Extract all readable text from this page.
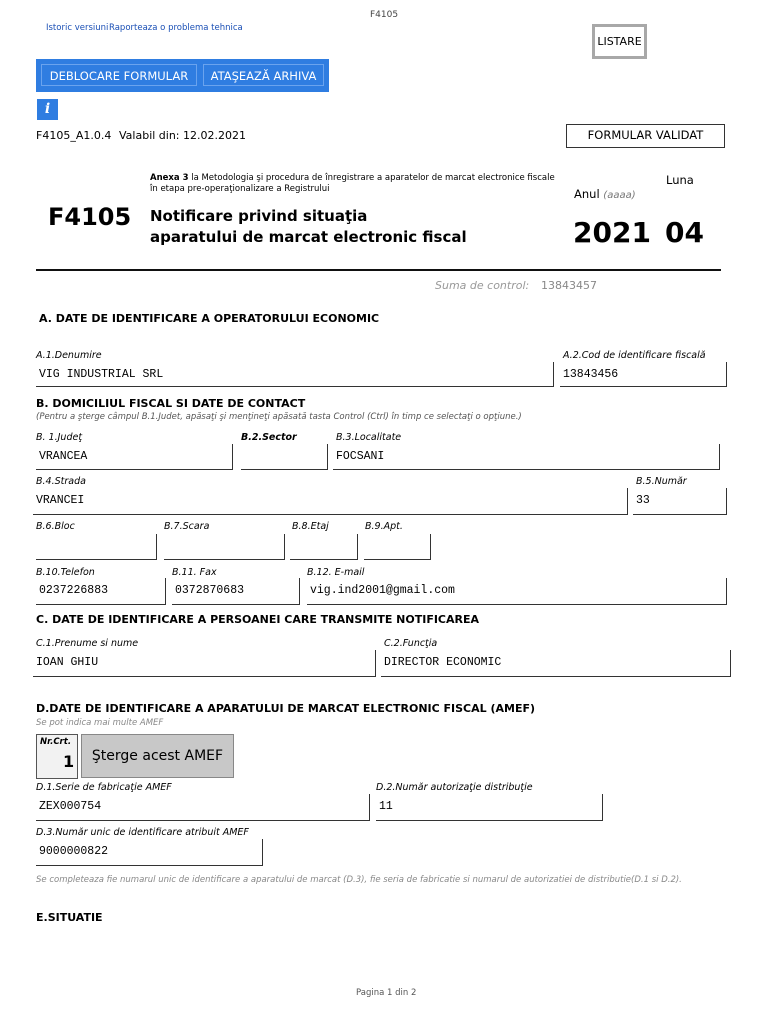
F4105
Istoric versiuni Raporteaza o problema tehnica
LISTARE
DEBLOCARE FORMULAR	ATAŞEAZĂ ARHIVA
i
F4105_A1.0.4 Valabil din: 12.02.2021	FORMULAR VALIDAT
Anexa 3 la Metodologia şi procedura de înregistrare a aparatelor de marcat electronice fiscale
în etapa pre-operaţionalizare a Registrului
F4105 Notificare privind situaţia
aparatului de marcat electronic fiscal
Anul (aaaa)
Luna
2021 04
Suma de control: 13843457
A. DATE DE IDENTIFICARE A OPERATORULUI ECONOMIC
A.1.Denumire
VIG INDUSTRIAL SRL
A.2.Cod de identificare fiscală
13843456
B. DOMICILIUL FISCAL SI DATE DE CONTACT
(Pentru a şterge câmpul B.1.Judet, apăsaţi şi menţineţi apăsată tasta Control (Ctrl) în timp ce selectaţi o opţiune.)
B. 1.Judeţ
VRANCEA
B.2.Sector	B.3.Localitate
FOCSANI
B.4.Strada
VRANCEI
B.5.Număr
33
B.6.Bloc	B.7.Scara	B.8.Etaj	B.9.Apt.
B.10.Telefon
0237226883
B.11. Fax
0372870683
B.12. E-mail
vig.ind2001@gmail.com
C. DATE DE IDENTIFICARE A PERSOANEI CARE TRANSMITE NOTIFICAREA
C.1.Prenume si nume
IOAN GHIU
C.2.Funcţia
DIRECTOR ECONOMIC
D.DATE DE IDENTIFICARE A APARATULUI DE MARCAT ELECTRONIC FISCAL (AMEF)
Se pot indica mai multe AMEF
Nr.Crt.
1	Şterge acest AMEF
D.1.Serie de fabricaţie AMEF
ZEX000754
D.2.Număr autorizaţie distribuţie
11
D.3.Număr unic de identificare atribuit AMEF
9000000822
Se completeaza fie numarul unic de identificare a aparatului de marcat (D.3), fie seria de fabricatie si numarul de autorizatiei de distributie(D.1 si D.2).
E.SITUATIE
Pagina 1 din 2
